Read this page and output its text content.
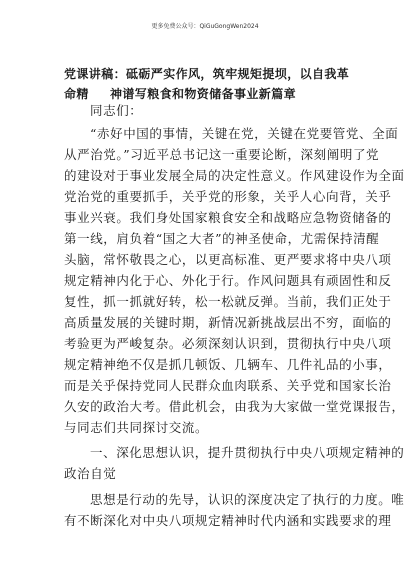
更多免费公众号：QiGuGongWen2024
党课讲稿：砥砺严实作风，筑牢规矩提坝，以自我革命精	神谱写粮食和物资储备事业新篇章
同志们：
“赤好中国的事情，关键在党，关键在党要管党、全面
从严治党。”习近平总书记这一重要论断，深刻阐明了党
的建设对于事业发展全局的决定性意义。作风建设作为全面
党治党的重要抓手，关乎党的形象，关乎人心向背，关乎
事业兴衰。我们身处国家粮食安全和战略应急物资储备的
第一线，肩负着“国之大者”的神圣使命，尤需保持清醒
头脑，常怀敬畏之心，以更高标准、更严要求将中央八项
规定精神内化于心、外化于行。作风问题具有顽固性和反
复性，抓一抓就好转，松一松就反弹。当前，我们正处于
高质量发展的关键时期，新情况新挑战层出不穷，面临的
考验更为严峻复杂。必须深刻认识到，贯彻执行中央八项
规定精神绝不仅是抓几顿饭、几辆车、几件礼品的小事，
而是关乎保持党同人民群众血肉联系、关乎党和国家长治
久安的政治大考。借此机会，由我为大家做一堂党课报告，
与同志们共同探讨交流。
一、深化思想认识，提升贯彻执行中央八项规定精神的
政治自觉
思想是行动的先导，认识的深度决定了执行的力度。唯
有不断深化对中央八项规定精神时代内涵和实践要求的理
